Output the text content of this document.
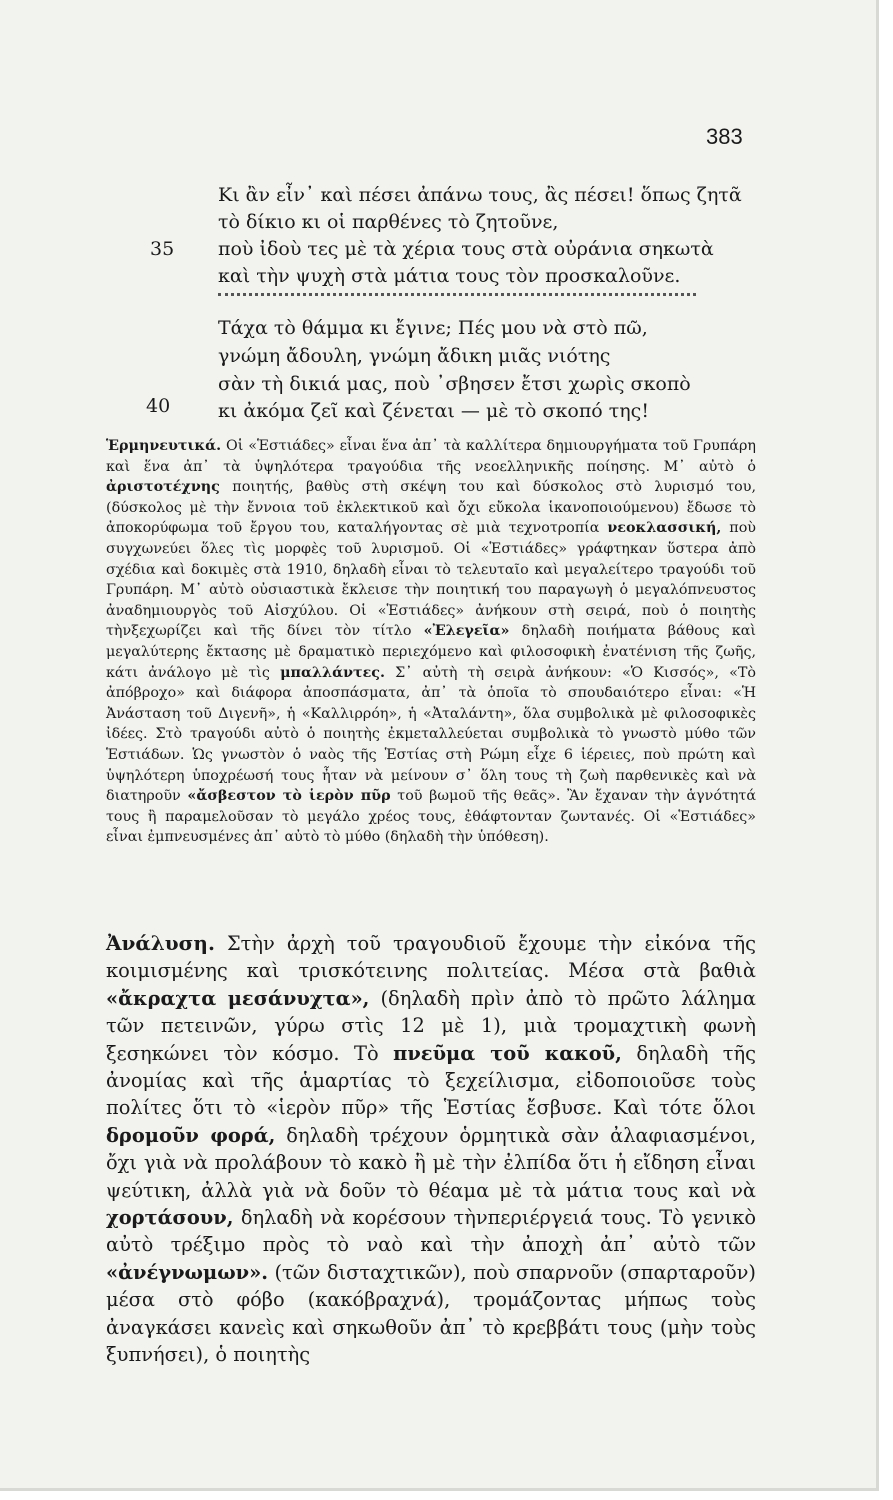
383
Κι ἂν εἶν᾿ καὶ πέσει ἀπάνω τους, ἂς πέσει! ὅπως ζητᾶ
τὸ δίκιο κι οἱ παρθένες τὸ ζητοῦνε,
35 ποὺ ἰδοὺ τες μὲ τὰ χέρια τους στὰ οὐράνια σηκωτὰ
καὶ τὴν ψυχὴ στὰ μάτια τους τὸν προσκαλοῦνε.
Τάχα τὸ θάμμα κι ἔγινε; Πές μου νὰ στὸ πῶ,
γνώμη ἄδουλη, γνώμη ἄδικη μιᾶς νιότης
σὰν τὴ δικιά μας, ποὺ ᾿σβησεν ἔτσι χωρὶς σκοπὸ
40	κι ἀκόμα ζεῖ καὶ ζένεται — μὲ τὸ σκοπό της!
Ἑρμηνευτικά. Οἱ «Ἑστιάδες» εἶναι ἕνα ἀπ᾿ τὰ καλλίτερα δημιουργήματα τοῦ Γρυπάρη καὶ ἕνα ἀπ᾿ τὰ ὑψηλότερα τραγούδια τῆς νεοελληνικῆς ποίησης. Μ᾿ αὐτὸ ὁ ἀριστοτέχνης ποιητής, βαθὺς στὴ σκέψη του καὶ δύσκολος στὸ λυρισμό του, (δύσκολος μὲ τὴν ἔννοια τοῦ ἐκλεκτικοῦ καὶ ὄχι εὔκολα ἱκανοποιούμενου) ἔδωσε τὸ ἀποκορύφωμα τοῦ ἔργου του, καταλήγοντας σὲ μιὰ τεχνοτροπία νεοκλασσική, ποὺ συγχωνεύει ὅλες τὶς μορφὲς τοῦ λυρισμοῦ. Οἱ «Ἑστιάδες» γράφτηκαν ὕστερα ἀπὸ σχέδια καὶ δοκιμὲς στὰ 1910, δηλαδὴ εἶναι τὸ τελευταῖο καὶ μεγαλείτερο τραγούδι τοῦ Γρυπάρη. Μ᾿ αὐτὸ οὐσιαστικὰ ἔκλεισε τὴν ποιητική του παραγωγὴ ὁ μεγαλόπνευστος ἀναδημιουργὸς τοῦ Αἰσχύλου. Οἱ «Ἑστιάδες» ἀνήκουν στὴ σειρά, ποὺ ὁ ποιητὴς τὴνξεχωρίζει καὶ τῆς δίνει τὸν τίτλο «Ἐλεγεῖα» δηλαδὴ ποιήματα βάθους καὶ μεγαλύτερης ἔκτασης μὲ δραματικὸ περιεχόμενο καὶ φιλοσοφικὴ ἐνατένιση τῆς ζωῆς, κάτι ἀνάλογο μὲ τὶς μπαλλάντες. Σ᾿ αὐτὴ τὴ σειρὰ ἀνήκουν: «Ὁ Κισσός», «Τὸ ἀπόβροχο» καὶ διάφορα ἀποσπάσματα, ἀπ᾿ τὰ ὁποῖα τὸ σπουδαιότερο εἶναι: «Ἡ Ἀνάσταση τοῦ Διγενῆ», ἡ «Καλλιρρόη», ἡ «Ἀταλάντη», ὅλα συμβολικὰ μὲ φιλοσοφικὲς ἰδέες. Στὸ τραγούδι αὐτὸ ὁ ποιητὴς ἐκμεταλλεύεται συμβολικὰ τὸ γνωστὸ μύθο τῶν Ἑστιάδων. Ὡς γνωστὸν ὁ ναὸς τῆς Ἑστίας στὴ Ρώμη εἶχε 6 ἱέρειες, ποὺ πρώτη καὶ ὑψηλότερη ὑποχρέωσή τους ἦταν νὰ μείνουν σ᾿ ὅλη τους τὴ ζωὴ παρθενικὲς καὶ νὰ διατηροῦν «ἄσβεστον τὸ ἱερὸν πῦρ τοῦ βωμοῦ τῆς θεᾶς». Ἂν ἔχαναν τὴν ἁγνότητά τους ἢ παραμελοῦσαν τὸ μεγάλο χρέος τους, ἐθάφτονταν ζωντανές. Οἱ «Ἑστιάδες» εἶναι ἐμπνευσμένες ἀπ᾿ αὐτὸ τὸ μύθο (δηλαδὴ τὴν ὑπόθεση).
Ἀνάλυση. Στὴν ἀρχὴ τοῦ τραγουδιοῦ ἔχουμε τὴν εἰκόνα τῆς κοιμισμένης καὶ τρισκότεινης πολιτείας. Μέσα στὰ βαθιὰ «ἄκραχτα μεσάνυχτα», (δηλαδὴ πρὶν ἀπὸ τὸ πρῶτο λάλημα τῶν πετεινῶν, γύρω στὶς 12 μὲ 1), μιὰ τρομαχτικὴ φωνὴ ξεσηκώνει τὸν κόσμο. Τὸ πνεῦμα τοῦ κακοῦ, δηλαδὴ τῆς ἀνομίας καὶ τῆς ἁμαρτίας τὸ ξεχείλισμα, εἰδοποιοῦσε τοὺς πολίτες ὅτι τὸ «ἱερὸν πῦρ» τῆς Ἑστίας ἔσβυσε. Καὶ τότε ὅλοι δρομοῦν φορά, δηλαδὴ τρέχουν ὁρμητικὰ σὰν ἀλαφιασμένοι, ὄχι γιὰ νὰ προλάβουν τὸ κακὸ ἢ μὲ τὴν ἐλπίδα ὅτι ἡ εἴδηση εἶναι ψεύτικη, ἀλλὰ γιὰ νὰ δοῦν τὸ θέαμα μὲ τὰ μάτια τους καὶ νὰ χορτάσουν, δηλαδὴ νὰ κορέσουν τὴνπεριέργειά τους. Τὸ γενικὸ αὐτὸ τρέξιμο πρὸς τὸ ναὸ καὶ τὴν ἀποχὴ ἀπ᾿ αὐτὸ τῶν «ἀνέγνωμων». (τῶν δισταχτικῶν), ποὺ σπαρνοῦν (σπαρταροῦν) μέσα στὸ φόβο (κακόβραχνά), τρομάζοντας μήπως τοὺς ἀναγκάσει κανεὶς καὶ σηκωθοῦν ἀπ᾿ τὸ κρεββάτι τους (μὴν τοὺς ξυπνήσει), ὁ ποιητὴς
